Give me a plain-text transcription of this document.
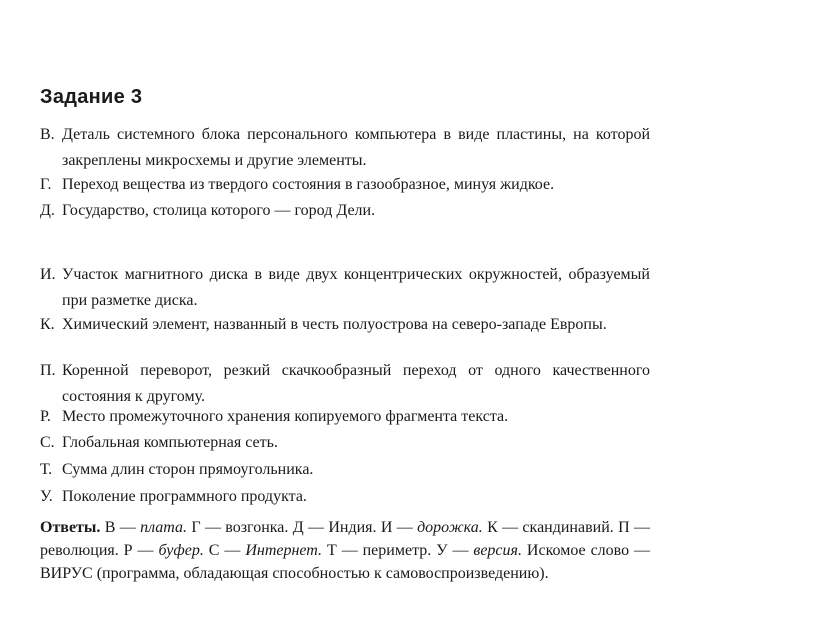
Задание 3
В. Деталь системного блока персонального компьютера в виде пластины, на которой закреплены микросхемы и другие элементы.
Г. Переход вещества из твердого состояния в газообразное, минуя жидкое.
Д. Государство, столица которого — город Дели.
И. Участок магнитного диска в виде двух концентрических окружностей, образуемый при разметке диска.
К. Химический элемент, названный в честь полуострова на северо-западе Европы.
П. Коренной переворот, резкий скачкообразный переход от одного качественного состояния к другому.
Р. Место промежуточного хранения копируемого фрагмента текста.
С. Глобальная компьютерная сеть.
Т. Сумма длин сторон прямоугольника.
У. Поколение программного продукта.
Ответы. В — плата. Г — возгонка. Д — Индия. И — дорожка. К — скандинавий. П — революция. Р — буфер. С — Интернет. Т — периметр. У — версия. Искомое слово — ВИРУС (программа, обладающая способностью к самовоспроизведению).
